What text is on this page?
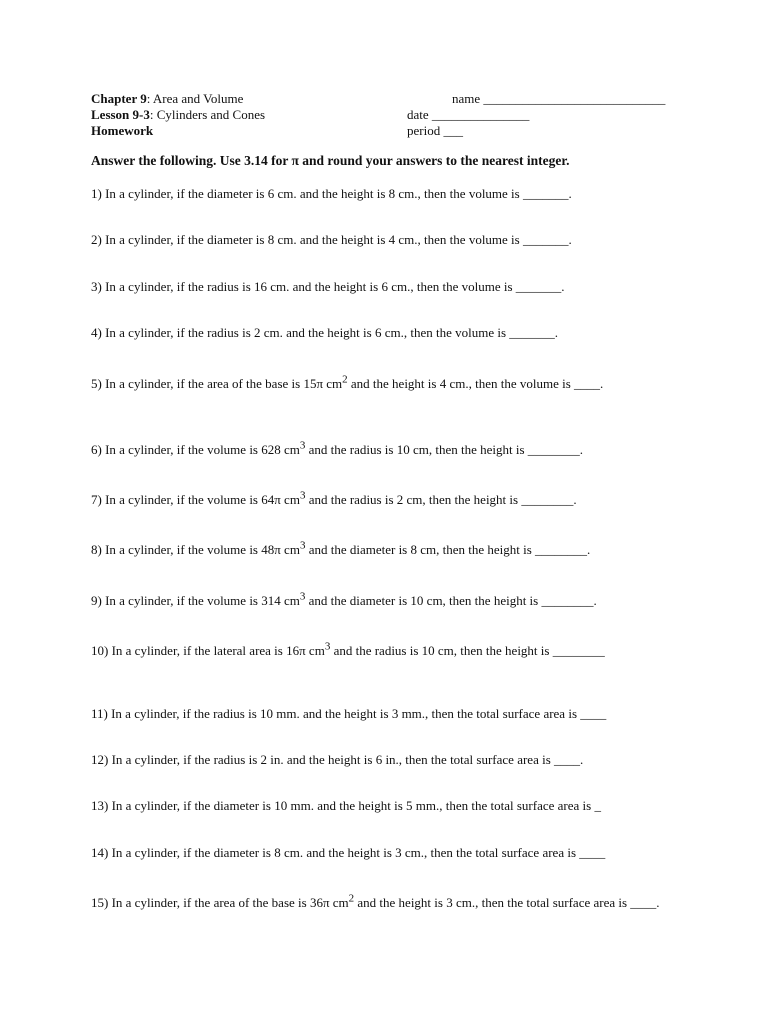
Chapter 9: Area and Volume	name ____________________________
Lesson 9-3: Cylinders and Cones	date _______________
Homework	period ___
Answer the following. Use 3.14 for π and round your answers to the nearest integer.
1) In a cylinder, if the diameter is 6 cm. and the height is 8 cm., then the volume is _______.
2) In a cylinder, if the diameter is 8 cm. and the height is 4 cm., then the volume is _______.
3) In a cylinder, if the radius is 16 cm. and the height is 6 cm., then the volume is _______.
4) In a cylinder, if the radius is 2 cm. and the height is 6 cm., then the volume is _______.
5) In a cylinder, if the area of the base is 15π $cm^2$ and the height is 4 cm., then the volume is ____.
6) In a cylinder, if the volume is 628 $cm^3$ and the radius is 10 cm, then the height is ________.
7) In a cylinder, if the volume is 64π $cm^3$ and the radius is 2 cm, then the height is ________.
8) In a cylinder, if the volume is 48π $cm^3$ and the diameter is 8 cm, then the height is ________.
9) In a cylinder, if the volume is 314 $cm^3$ and the diameter is 10 cm, then the height is ________.
10) In a cylinder, if the lateral area is 16π $cm^3$ and the radius is 10 cm, then the height is ________
11) In a cylinder, if the radius is 10 mm. and the height is 3 mm., then the total surface area is ____
12) In a cylinder, if the radius is 2 in. and the height is 6 in., then the total surface area is ____.
13) In a cylinder, if the diameter is 10 mm. and the height is 5 mm., then the total surface area is _
14) In a cylinder, if the diameter is 8 cm. and the height is 3 cm., then the total surface area is ____
15) In a cylinder, if the area of the base is 36π $cm^2$ and the height is 3 cm., then the total surface area is ____.
